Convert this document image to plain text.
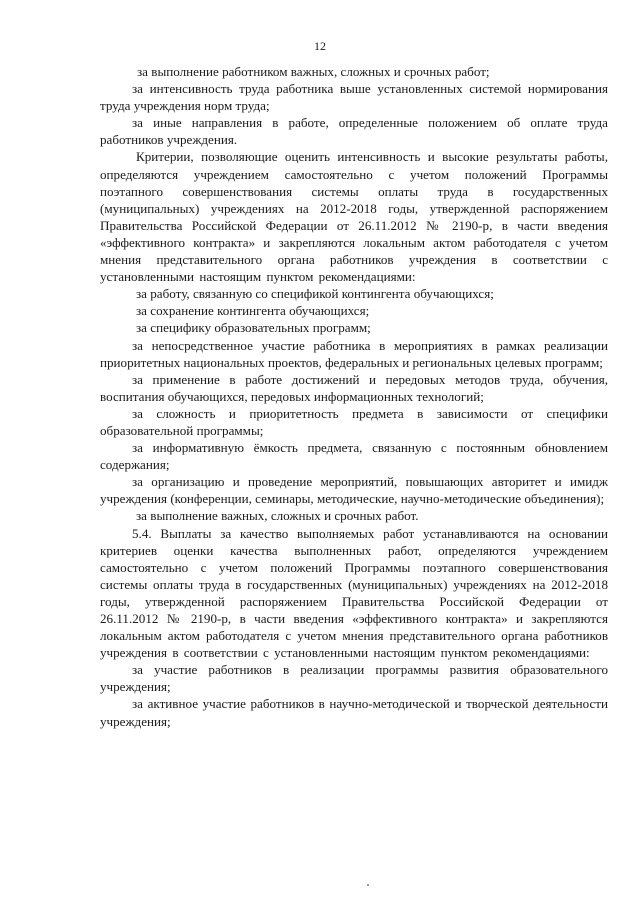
12

за выполнение работником важных, сложных и срочных работ;

за интенсивность труда работника выше установленных системой нормирования труда учреждения норм труда;

за иные направления в работе, определенные положением об оплате труда работников учреждения.

Критерии, позволяющие оценить интенсивность и высокие результаты работы, определяются учреждением самостоятельно с учетом положений Программы поэтапного совершенствования системы оплаты труда в государственных (муниципальных) учреждениях на 2012-2018 годы, утвержденной распоряжением Правительства Российской Федерации от 26.11.2012 № 2190-р, в части введения «эффективного контракта» и закрепляются локальным актом работодателя с учетом мнения представительного органа работников учреждения в соответствии с установленными настоящим пунктом рекомендациями:

за работу, связанную со спецификой контингента обучающихся;

за сохранение контингента обучающихся;

за специфику образовательных программ;

за непосредственное участие работника в мероприятиях в рамках реализации приоритетных национальных проектов, федеральных и региональных целевых программ;

за применение в работе достижений и передовых методов труда, обучения, воспитания обучающихся, передовых информационных технологий;

за сложность и приоритетность предмета в зависимости от специфики образовательной программы;

за информативную ёмкость предмета, связанную с постоянным обновлением содержания;

за организацию и проведение мероприятий, повышающих авторитет и имидж учреждения (конференции, семинары, методические, научно-методические объединения);

за выполнение важных, сложных и срочных работ.

5.4. Выплаты за качество выполняемых работ устанавливаются на основании критериев оценки качества выполненных работ, определяются учреждением самостоятельно с учетом положений Программы поэтапного совершенствования системы оплаты труда в государственных (муниципальных) учреждениях на 2012-2018 годы, утвержденной распоряжением Правительства Российской Федерации от 26.11.2012 № 2190-р, в части введения «эффективного контракта» и закрепляются локальным актом работодателя с учетом мнения представительного органа работников учреждения в соответствии с установленными настоящим пунктом рекомендациями:

за участие работников в реализации программы развития образовательного учреждения;

за активное участие работников в научно-методической и творческой деятельности учреждения;
